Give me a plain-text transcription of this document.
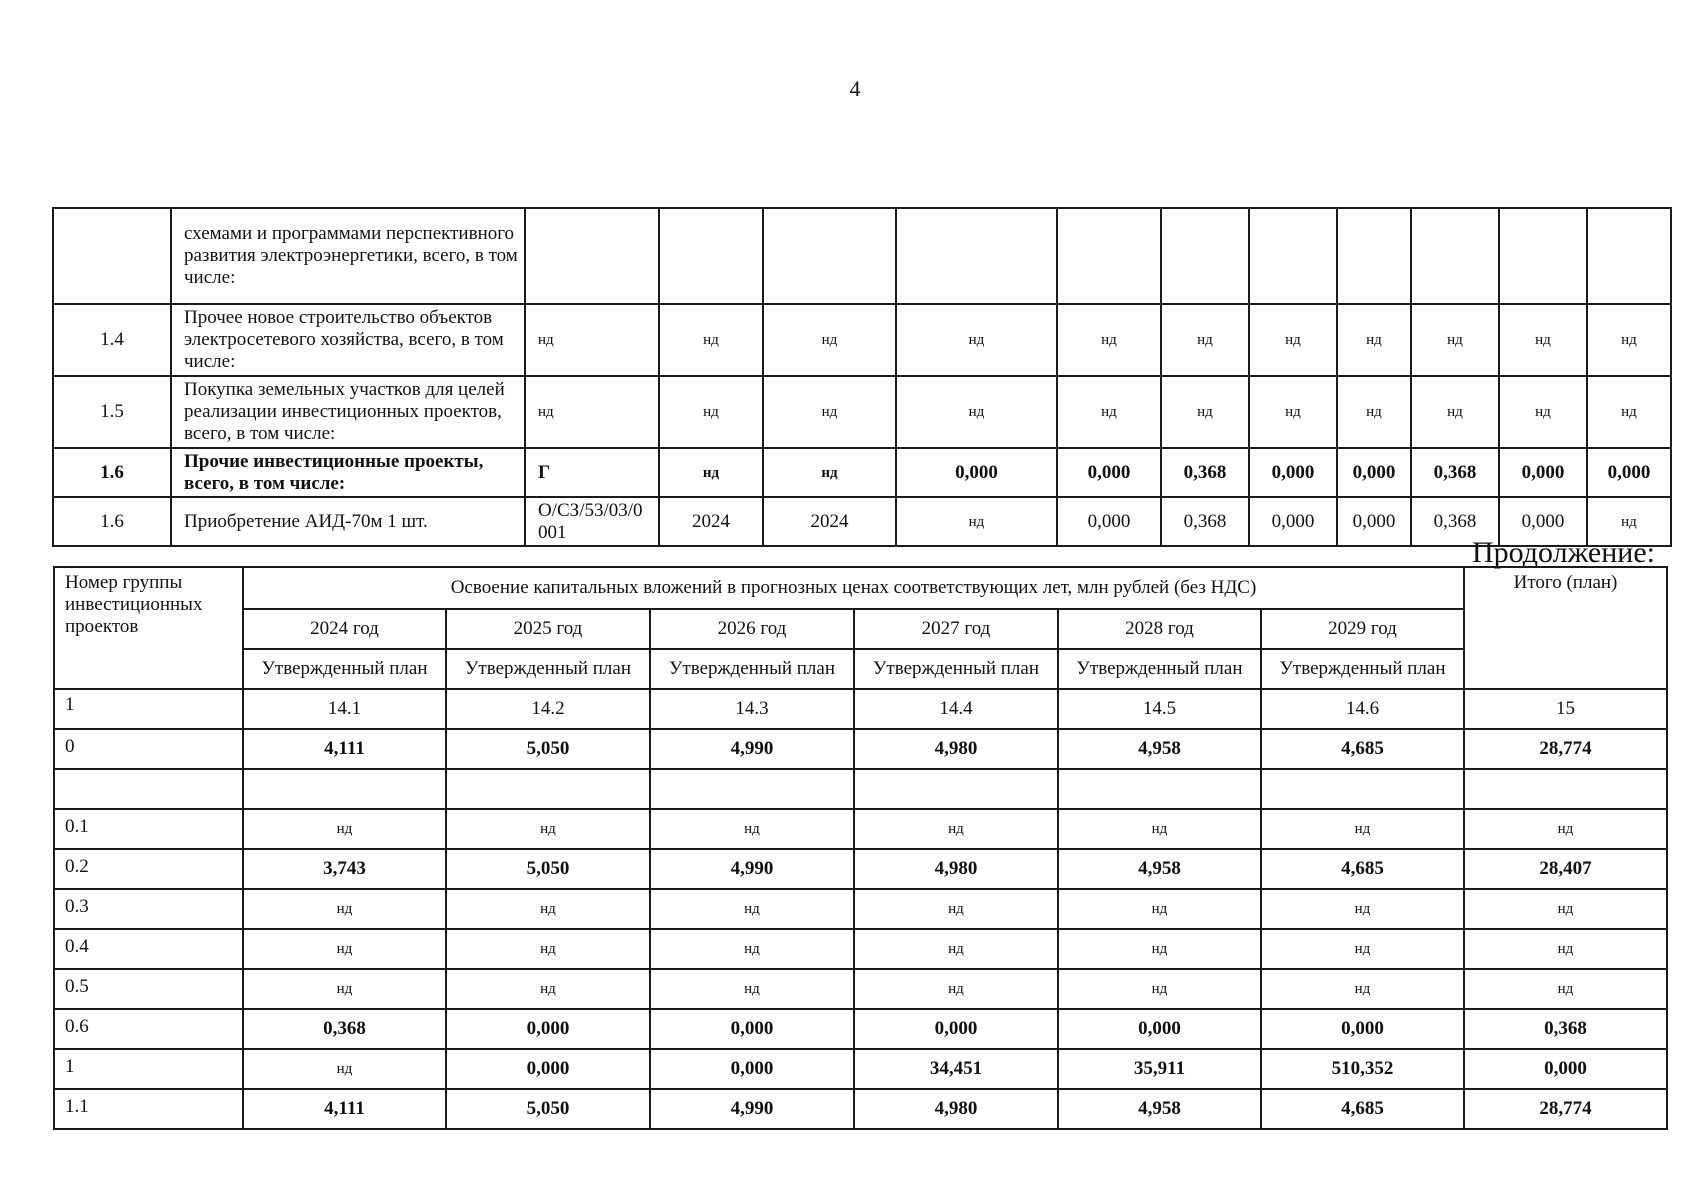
4
	схемами и программами перспективного развития электроэнергетики, всего, в том числе:											
1.4	Прочее новое строительство объектов электросетевого хозяйства, всего, в том числе:	нд	нд	нд	нд	нд	нд	нд	нд	нд	нд	нд
1.5	Покупка земельных участков для целей реализации инвестиционных проектов, всего, в том числе:	нд	нд	нд	нд	нд	нд	нд	нд	нд	нд	нд
1.6	Прочие инвестиционные проекты, всего, в том числе:	Г	нд	нд	0,000	0,000	0,368	0,000	0,000	0,368	0,000	0,000
1.6	Приобретение АИД-70м 1 шт.	О/СЗ/53/03/0001	2024	2024	нд	0,000	0,368	0,000	0,000	0,368	0,000	нд
Продолжение:
Номер группы инвестиционных проектов	Освоение капитальных вложений в прогнозных ценах соответствующих лет, млн рублей (без НДС)						Итого (план)
	2024 год	2025 год	2026 год	2027 год	2028 год	2029 год	
	Утвержденный план	Утвержденный план	Утвержденный план	Утвержденный план	Утвержденный план	Утвержденный план	
1	14.1	14.2	14.3	14.4	14.5	14.6	15
0	4,111	5,050	4,990	4,980	4,958	4,685	28,774

0.1	нд	нд	нд	нд	нд	нд	нд
0.2	3,743	5,050	4,990	4,980	4,958	4,685	28,407
0.3	нд	нд	нд	нд	нд	нд	нд
0.4	нд	нд	нд	нд	нд	нд	нд
0.5	нд	нд	нд	нд	нд	нд	нд
0.6	0,368	0,000	0,000	0,000	0,000	0,000	0,368
1	нд	0,000	0,000	34,451	35,911	510,352	0,000
1.1	4,111	5,050	4,990	4,980	4,958	4,685	28,774
